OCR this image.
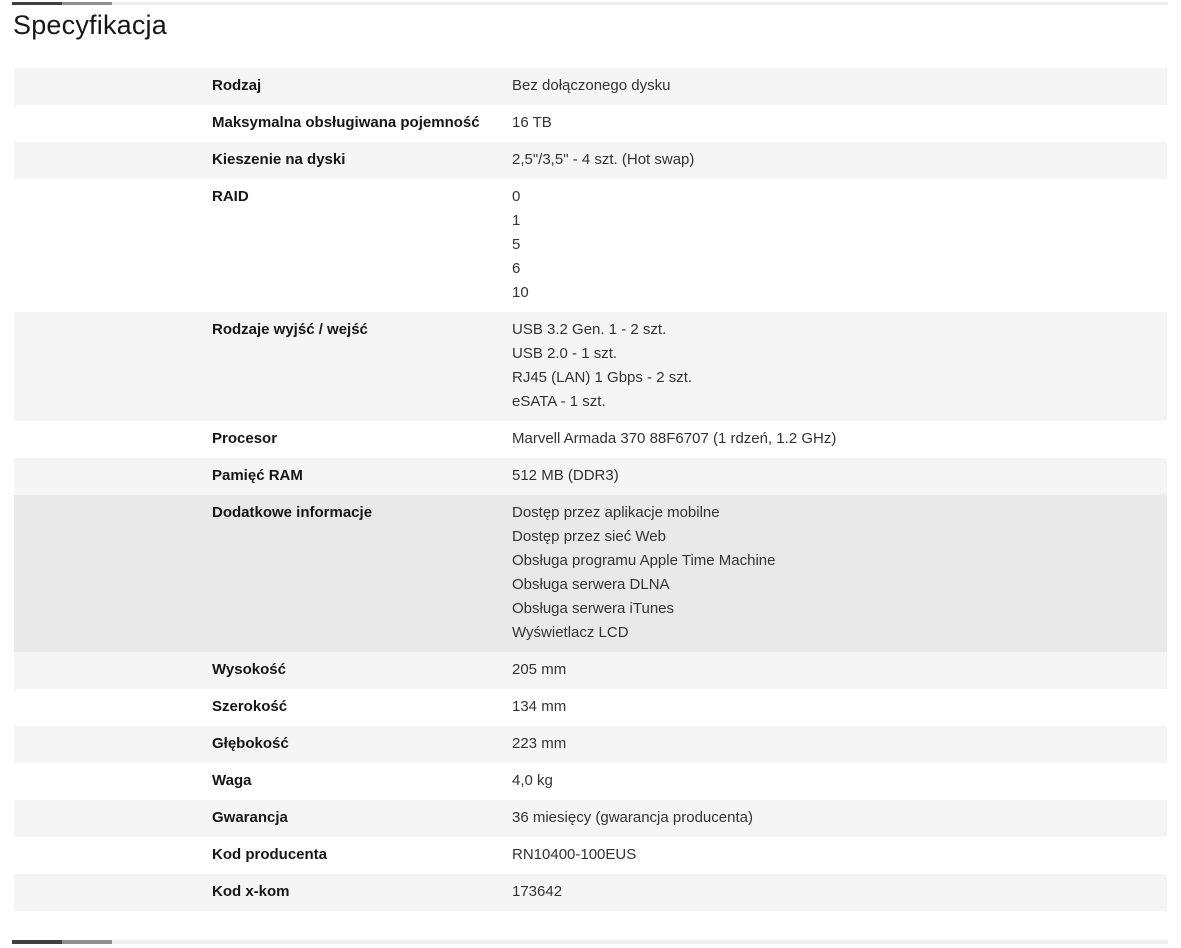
Specyfikacja
Rodzaj	Bez dołączonego dysku
Maksymalna obsługiwana pojemność	16 TB
Kieszenie na dyski	2,5"/3,5" - 4 szt. (Hot swap)
RAID	0
1
5
6
10
Rodzaje wyjść / wejść	USB 3.2 Gen. 1 - 2 szt.
USB 2.0 - 1 szt.
RJ45 (LAN) 1 Gbps - 2 szt.
eSATA - 1 szt.
Procesor	Marvell Armada 370 88F6707 (1 rdzeń, 1.2 GHz)
Pamięć RAM	512 MB (DDR3)
Dodatkowe informacje	Dostęp przez aplikacje mobilne
Dostęp przez sieć Web
Obsługa programu Apple Time Machine
Obsługa serwera DLNA
Obsługa serwera iTunes
Wyświetlacz LCD
Wysokość	205 mm
Szerokość	134 mm
Głębokość	223 mm
Waga	4,0 kg
Gwarancja	36 miesięcy (gwarancja producenta)
Kod producenta	RN10400-100EUS
Kod x-kom	173642
